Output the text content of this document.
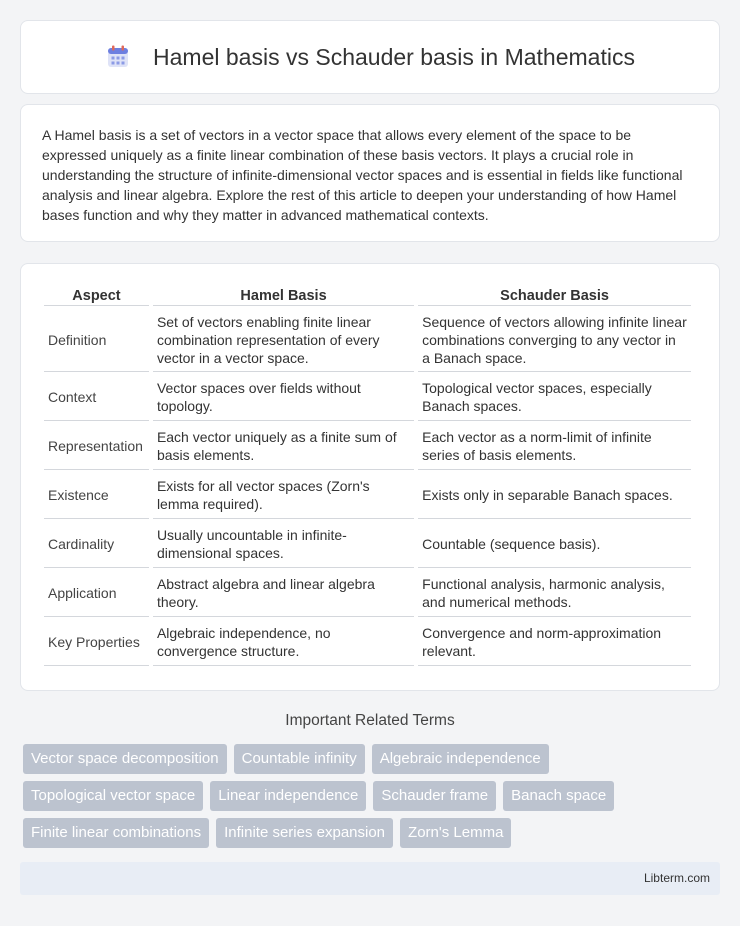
Hamel basis vs Schauder basis in Mathematics

A Hamel basis is a set of vectors in a vector space that allows every element of the space to be expressed uniquely as a finite linear combination of these basis vectors. It plays a crucial role in understanding the structure of infinite-dimensional vector spaces and is essential in fields like functional analysis and linear algebra. Explore the rest of this article to deepen your understanding of how Hamel bases function and why they matter in advanced mathematical contexts.

Aspect	Hamel Basis	Schauder Basis
Definition	Set of vectors enabling finite linear combination representation of every vector in a vector space.	Sequence of vectors allowing infinite linear combinations converging to any vector in a Banach space.
Context	Vector spaces over fields without topology.	Topological vector spaces, especially Banach spaces.
Representation	Each vector uniquely as a finite sum of basis elements.	Each vector as a norm-limit of infinite series of basis elements.
Existence	Exists for all vector spaces (Zorn's lemma required).	Exists only in separable Banach spaces.
Cardinality	Usually uncountable in infinite-dimensional spaces.	Countable (sequence basis).
Application	Abstract algebra and linear algebra theory.	Functional analysis, harmonic analysis, and numerical methods.
Key Properties	Algebraic independence, no convergence structure.	Convergence and norm-approximation relevant.
Important Related Terms
Vector space decomposition	Countable infinity	Algebraic independence
Topological vector space	Linear independence	Schauder frame	Banach space
Finite linear combinations	Infinite series expansion	Zorn's Lemma
Libterm.com
